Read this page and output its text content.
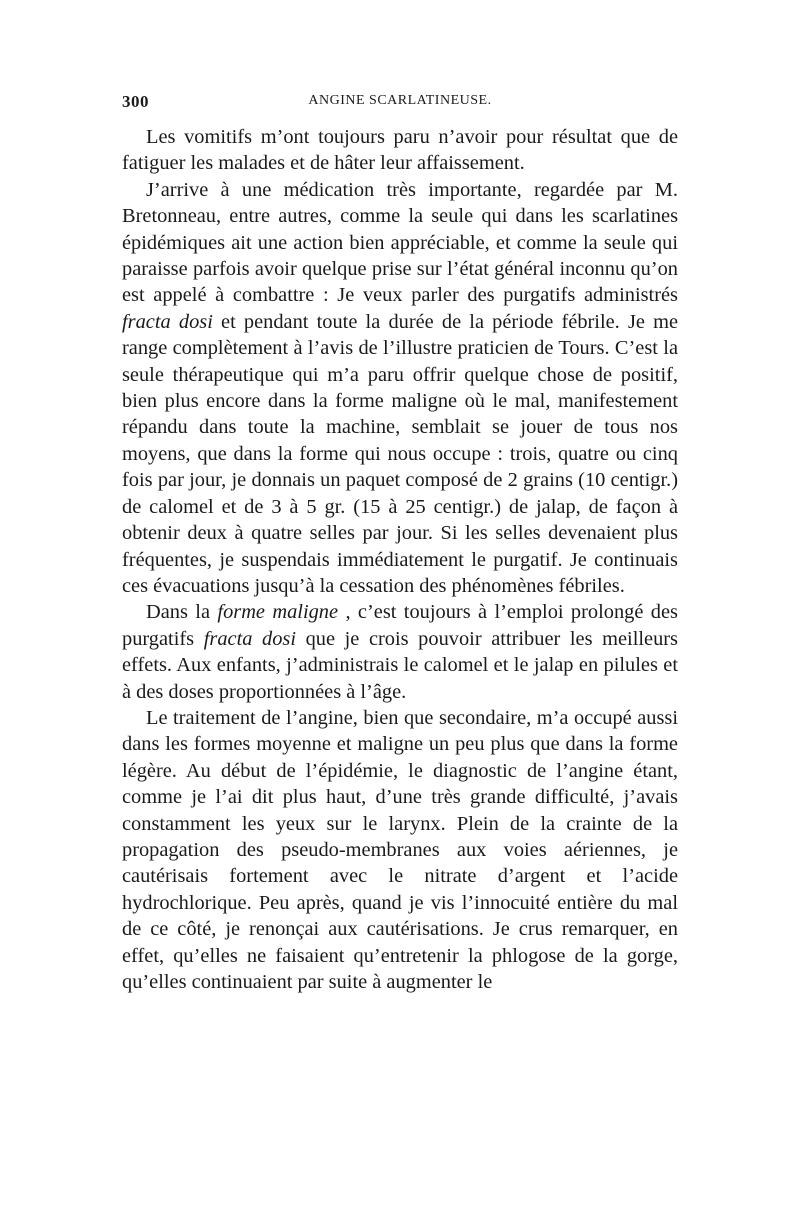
300	ANGINE SCARLATINEUSE.

Les vomitifs m’ont toujours paru n’avoir pour résultat que de fatiguer les malades et de hâter leur affaissement.

J’arrive à une médication très importante, regardée par M. Bretonneau, entre autres, comme la seule qui dans les scarlatines épidémiques ait une action bien appréciable, et comme la seule qui paraisse parfois avoir quelque prise sur l’état général inconnu qu’on est appelé à combattre : Je veux parler des purgatifs administrés fracta dosi et pendant toute la durée de la période fébrile. Je me range complètement à l’avis de l’illustre praticien de Tours. C’est la seule thérapeutique qui m’a paru offrir quelque chose de positif, bien plus encore dans la forme maligne où le mal, manifestement répandu dans toute la machine, semblait se jouer de tous nos moyens, que dans la forme qui nous occupe : trois, quatre ou cinq fois par jour, je donnais un paquet composé de 2 grains (10 centigr.) de calomel et de 3 à 5 gr. (15 à 25 centigr.) de jalap, de façon à obtenir deux à quatre selles par jour. Si les selles devenaient plus fréquentes, je suspendais immédiatement le purgatif. Je continuais ces évacuations jusqu’à la cessation des phénomènes fébriles.

Dans la forme maligne , c’est toujours à l’emploi prolongé des purgatifs fracta dosi que je crois pouvoir attribuer les meilleurs effets. Aux enfants, j’administrais le calomel et le jalap en pilules et à des doses proportionnées à l’âge.

Le traitement de l’angine, bien que secondaire, m’a occupé aussi dans les formes moyenne et maligne un peu plus que dans la forme légère. Au début de l’épidémie, le diagnostic de l’angine étant, comme je l’ai dit plus haut, d’une très grande difficulté, j’avais constamment les yeux sur le larynx. Plein de la crainte de la propagation des pseudo-membranes aux voies aériennes, je cautérisais fortement avec le nitrate d’argent et l’acide hydrochlorique. Peu après, quand je vis l’innocuité entière du mal de ce côté, je renonçai aux cautérisations. Je crus remarquer, en effet, qu’elles ne faisaient qu’entretenir la phlogose de la gorge, qu’elles continuaient par suite à augmenter le
